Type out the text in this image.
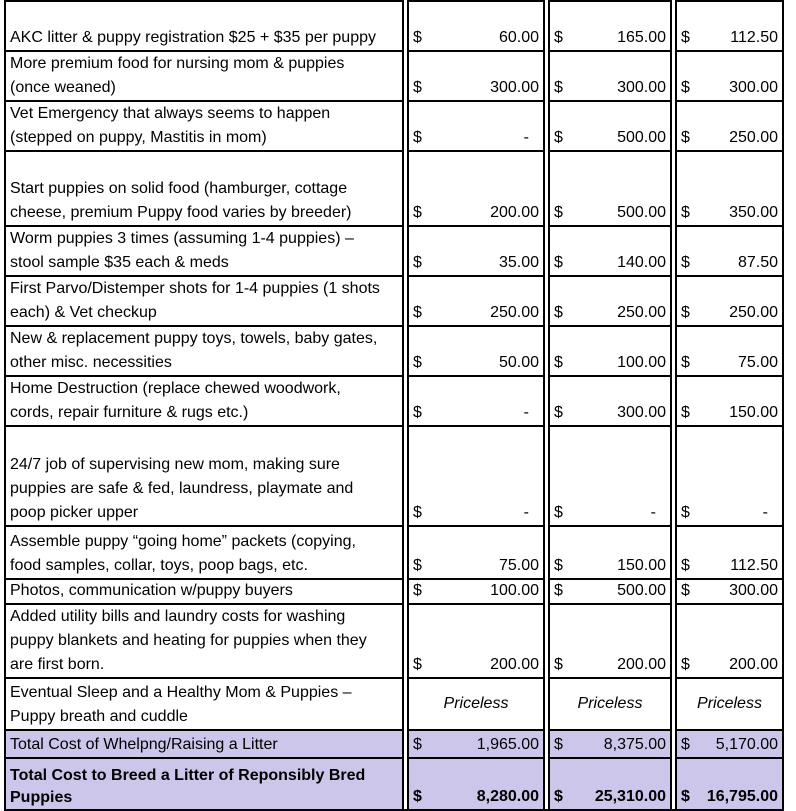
AKC litter & puppy registration $25 + $35 per puppy $	60.00 $	165.00 $	112.50
More premium food for nursing mom & puppies
(once weaned)	$	300.00 $	300.00 $ 300.00
Vet Emergency that always seems to happen
(stepped on puppy, Mastitis in mom)	$	- $	500.00 $ 250.00
Start puppies on solid food (hamburger, cottage
cheese, premium Puppy food varies by breeder)	$	200.00 $	500.00 $ 350.00
Worm puppies 3 times (assuming 1-4 puppies) –
stool sample $35 each & meds	$	35.00 $	140.00 $	87.50
First Parvo/Distemper shots for 1-4 puppies (1 shots
each) & Vet checkup	$	250.00 $	250.00 $ 250.00
New & replacement puppy toys, towels, baby gates,
other misc. necessities	$	50.00 $	100.00 $	75.00
Home Destruction (replace chewed woodwork,
cords, repair furniture & rugs etc.)	$	- $	300.00 $ 150.00
24/7 job of supervising new mom, making sure
puppies are safe & fed, laundress, playmate and
poop picker upper	$	- $	- $	-
Assemble puppy “going home” packets (copying,
food samples, collar, toys, poop bags, etc.	$	75.00 $	150.00 $	112.50
Photos, communication w/puppy buyers	$	100.00 $	500.00 $ 300.00
Added utility bills and laundry costs for washing
puppy blankets and heating for puppies when they
are first born.	$	200.00 $	200.00 $ 200.00
Eventual Sleep and a Healthy Mom & Puppies –
Puppy breath and cuddle
Priceless	Priceless	Priceless
Total Cost of Whelpng/Raising a Litter	$	1,965.00 $	8,375.00 $ 5,170.00
Total Cost to Breed a Litter of Reponsibly Bred
Puppies	$	8,280.00 $ 25,310.00 $ 16,795.00
